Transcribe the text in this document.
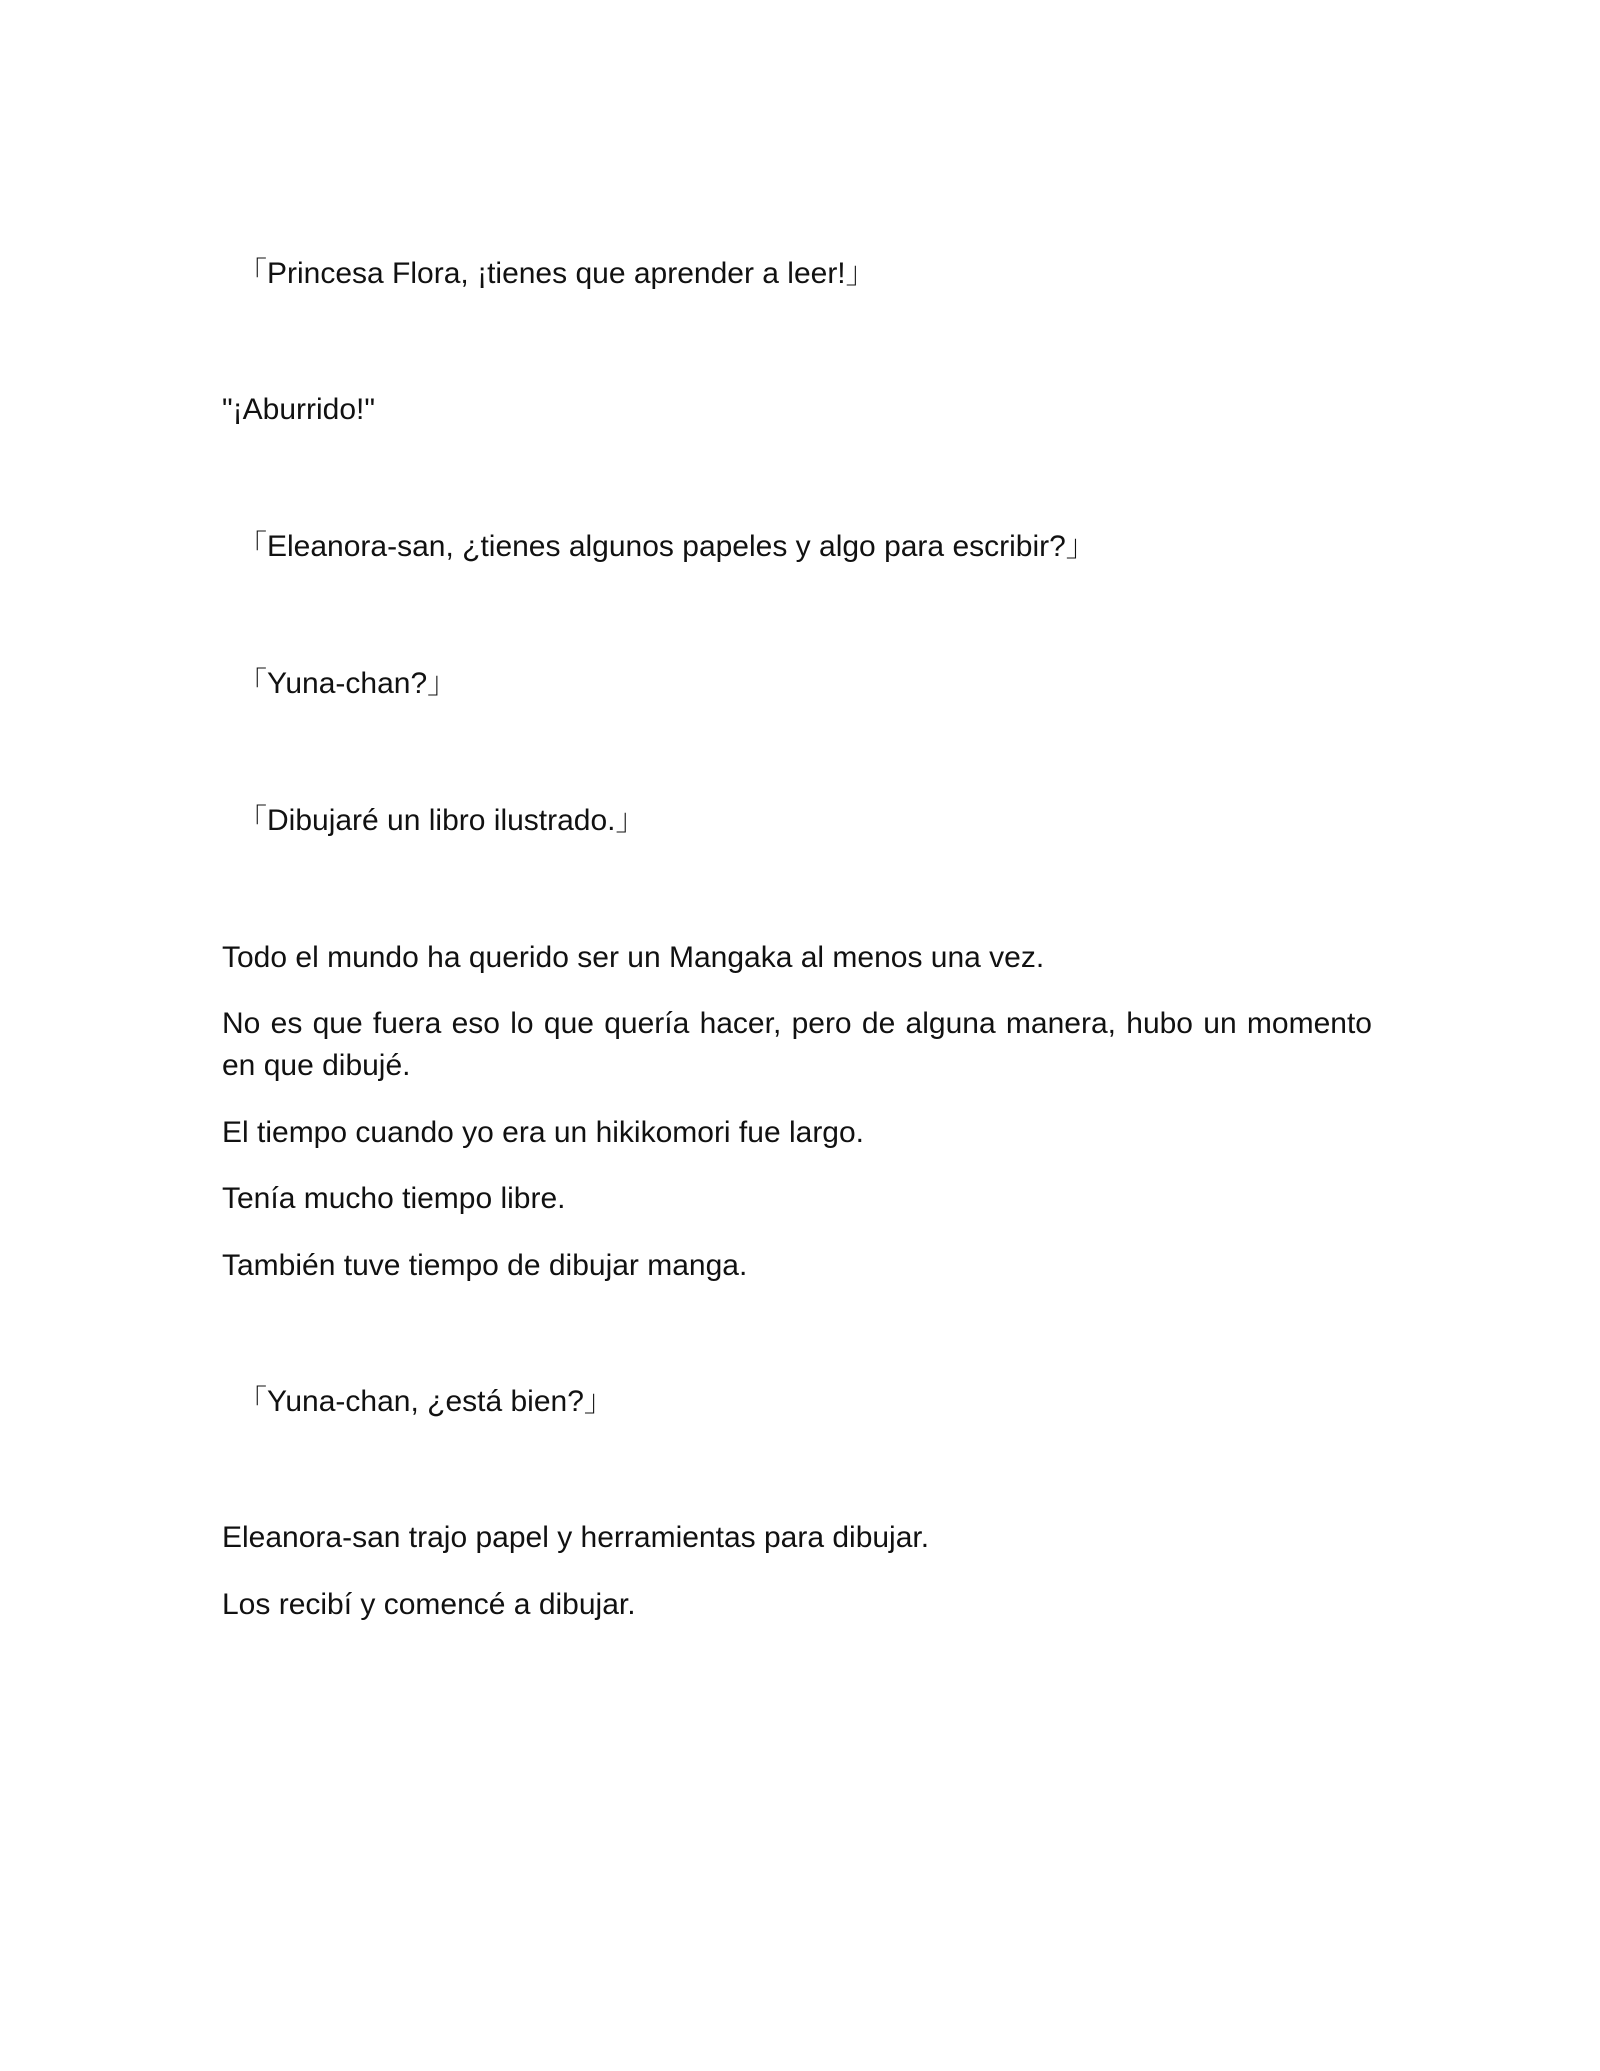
　「Princesa Flora, ¡tienes que aprender a leer!」

"¡Aburrido!"

　「Eleanora-san, ¿tienes algunos papeles y algo para escribir?」

　「Yuna-chan?」

　「Dibujaré un libro ilustrado.」

Todo el mundo ha querido ser un Mangaka al menos una vez.

No es que fuera eso lo que quería hacer, pero de alguna manera, hubo un momento en que dibujé.

El tiempo cuando yo era un hikikomori fue largo.

Tenía mucho tiempo libre.

También tuve tiempo de dibujar manga.

　「Yuna-chan, ¿está bien?」

Eleanora-san trajo papel y herramientas para dibujar.

Los recibí y comencé a dibujar.
